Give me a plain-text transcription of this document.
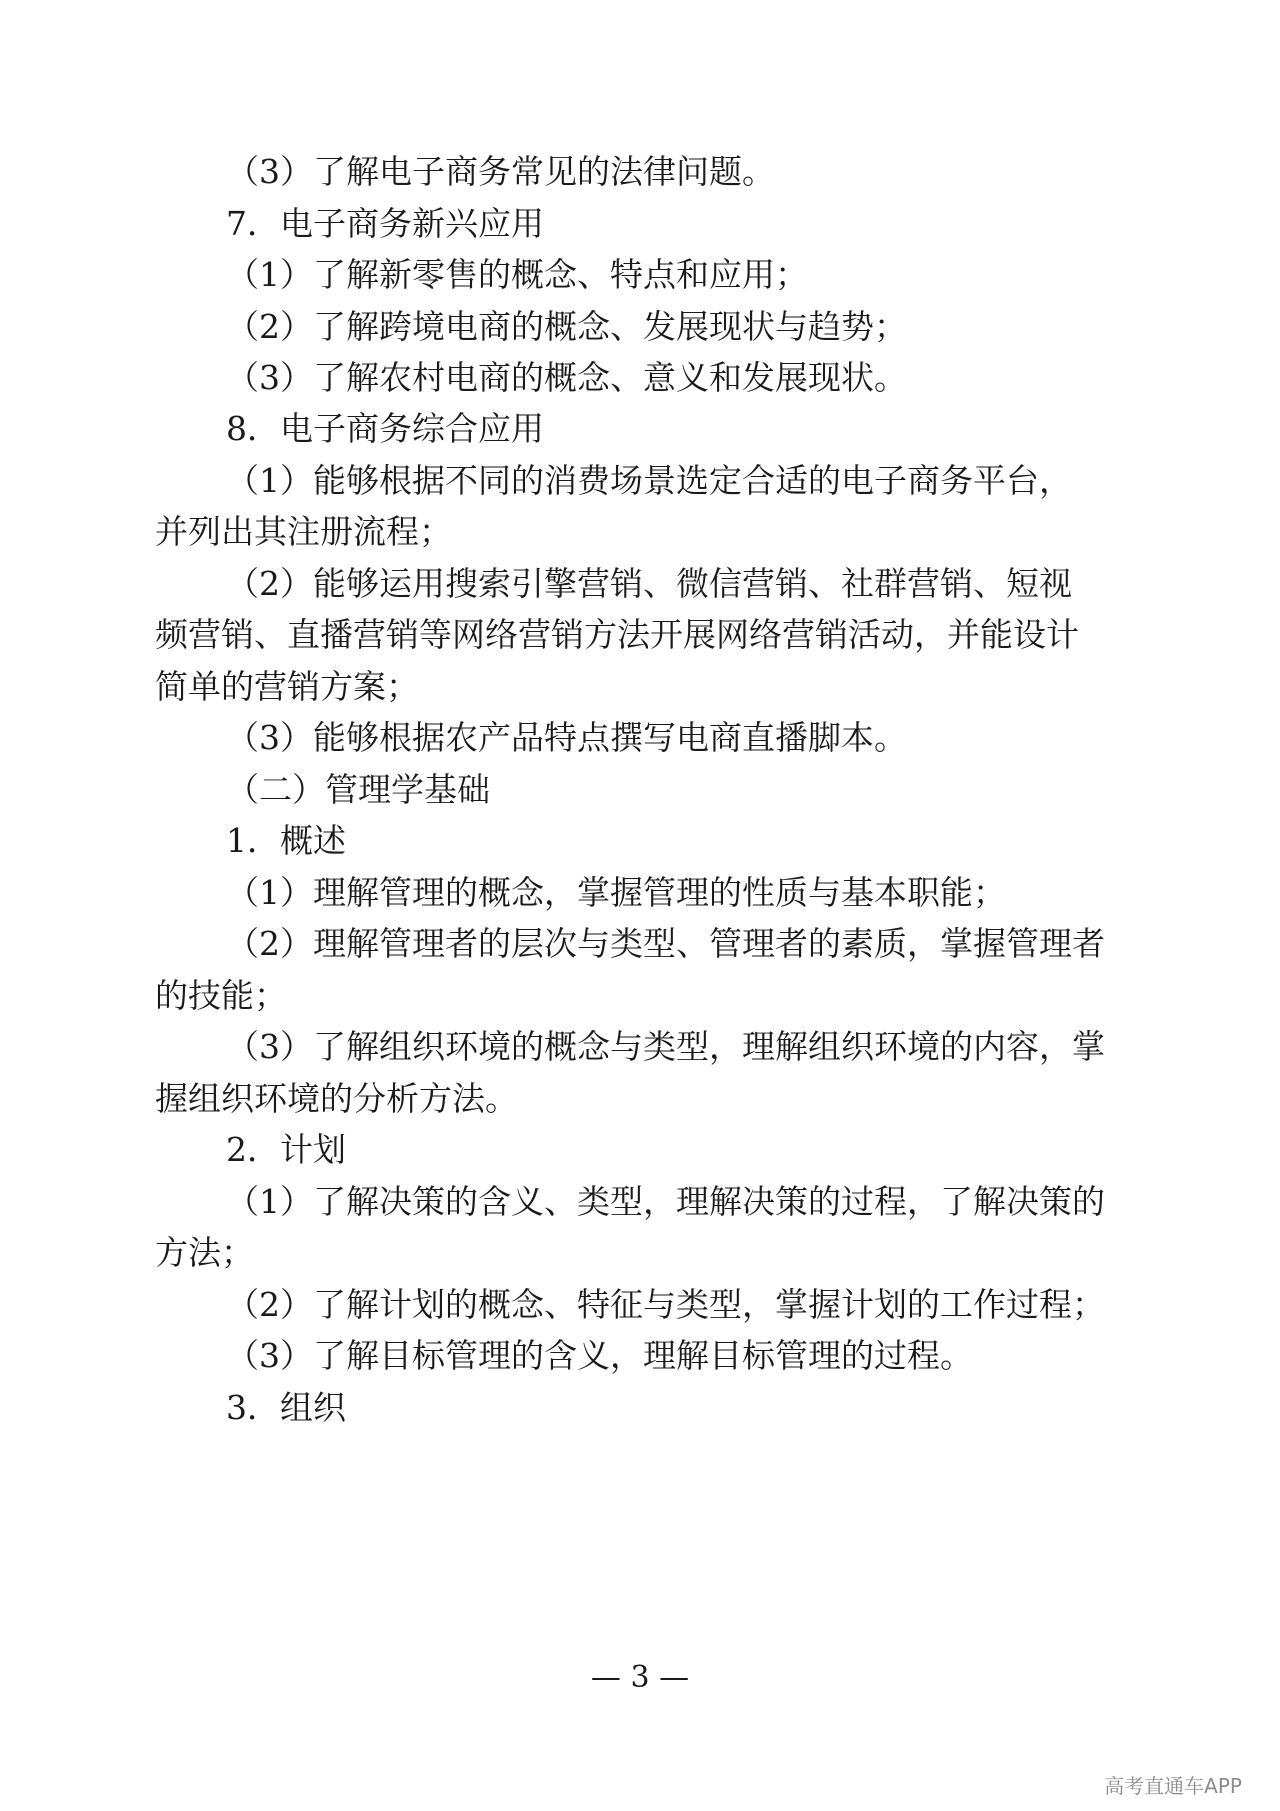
（3）了解电子商务常见的法律问题。
7．电子商务新兴应用
（1）了解新零售的概念、特点和应用；
（2）了解跨境电商的概念、发展现状与趋势；
（3）了解农村电商的概念、意义和发展现状。
8．电子商务综合应用
（1）能够根据不同的消费场景选定合适的电子商务平台，
并列出其注册流程；
（2）能够运用搜索引擎营销、微信营销、社群营销、短视
频营销、直播营销等网络营销方法开展网络营销活动，并能设计
简单的营销方案；
（3）能够根据农产品特点撰写电商直播脚本。
（二）管理学基础
1．概述
（1）理解管理的概念，掌握管理的性质与基本职能；
（2）理解管理者的层次与类型、管理者的素质，掌握管理者
的技能；
（3）了解组织环境的概念与类型，理解组织环境的内容，掌
握组织环境的分析方法。
2．计划
（1）了解决策的含义、类型，理解决策的过程，了解决策的
方法；
（2）了解计划的概念、特征与类型，掌握计划的工作过程；
（3）了解目标管理的含义，理解目标管理的过程。
3．组织
— 3 —
高考直通车APP
